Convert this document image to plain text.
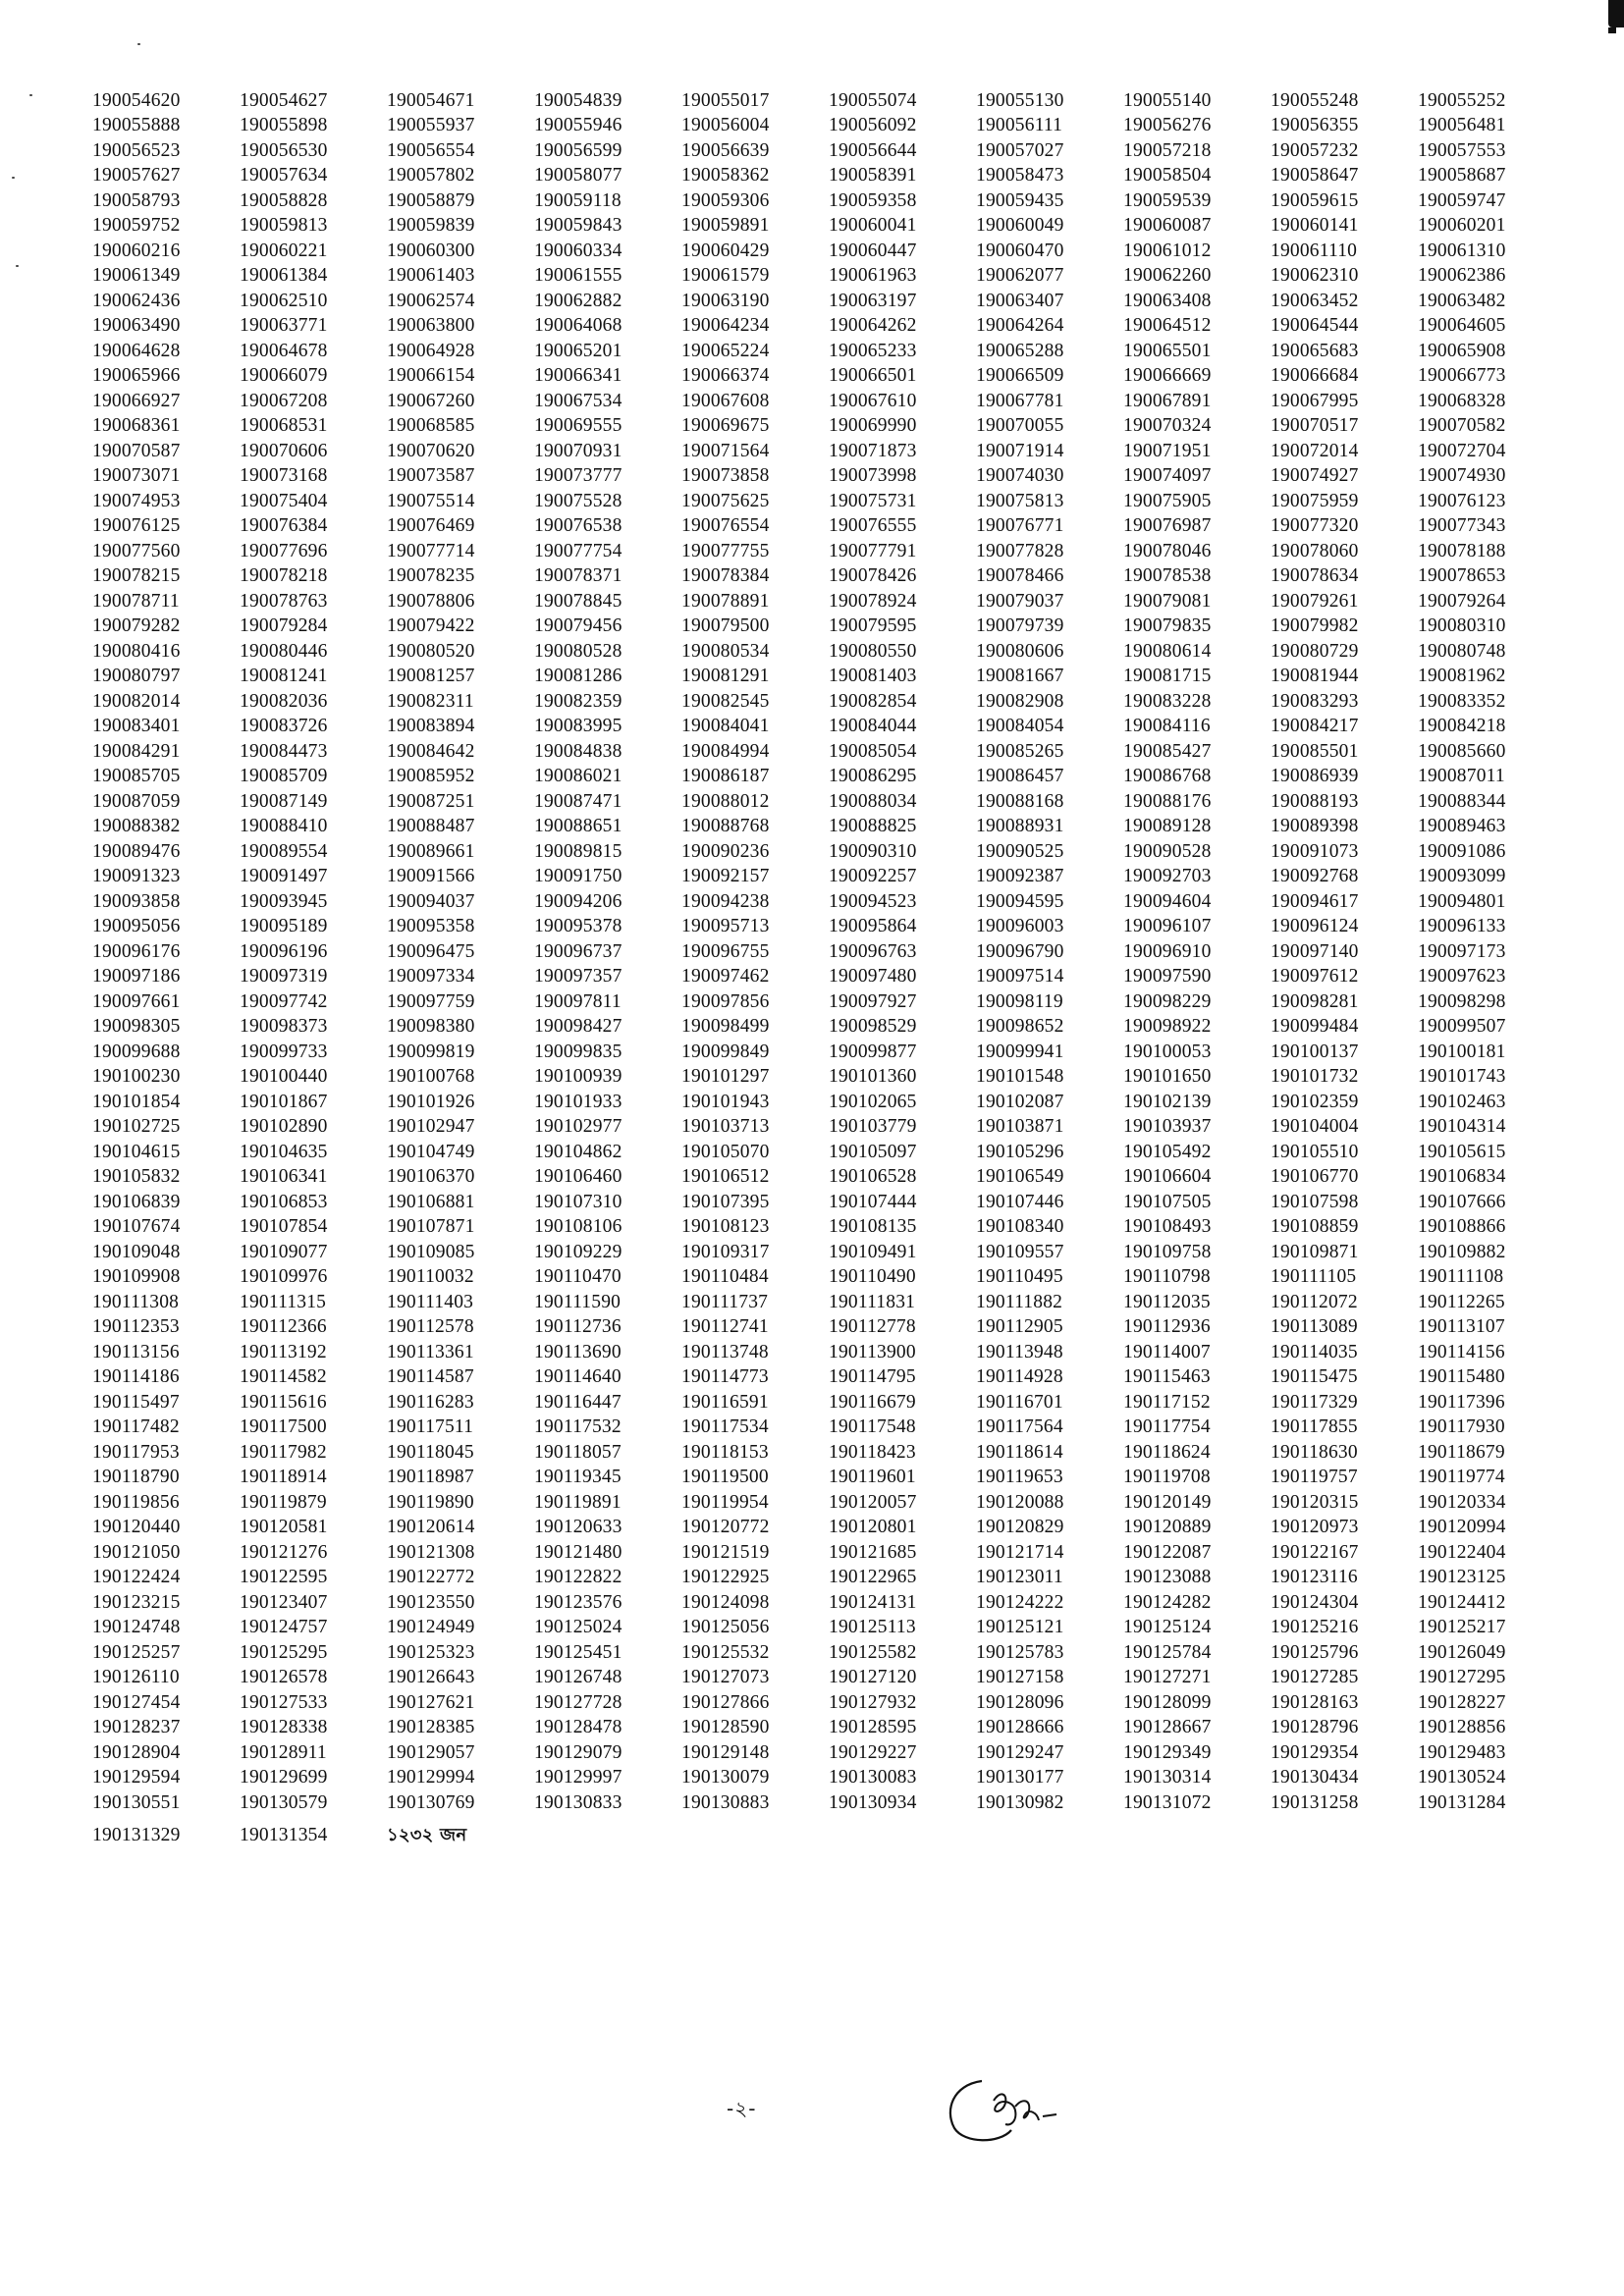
190054620	190054627	190054671	190054839	190055017	190055074	190055130	190055140	190055248	190055252
190055888	190055898	190055937	190055946	190056004	190056092	190056111	190056276	190056355	190056481
190056523	190056530	190056554	190056599	190056639	190056644	190057027	190057218	190057232	190057553
190057627	190057634	190057802	190058077	190058362	190058391	190058473	190058504	190058647	190058687
190058793	190058828	190058879	190059118	190059306	190059358	190059435	190059539	190059615	190059747
190059752	190059813	190059839	190059843	190059891	190060041	190060049	190060087	190060141	190060201
190060216	190060221	190060300	190060334	190060429	190060447	190060470	190061012	190061110	190061310
190061349	190061384	190061403	190061555	190061579	190061963	190062077	190062260	190062310	190062386
190062436	190062510	190062574	190062882	190063190	190063197	190063407	190063408	190063452	190063482
190063490	190063771	190063800	190064068	190064234	190064262	190064264	190064512	190064544	190064605
190064628	190064678	190064928	190065201	190065224	190065233	190065288	190065501	190065683	190065908
190065966	190066079	190066154	190066341	190066374	190066501	190066509	190066669	190066684	190066773
190066927	190067208	190067260	190067534	190067608	190067610	190067781	190067891	190067995	190068328
190068361	190068531	190068585	190069555	190069675	190069990	190070055	190070324	190070517	190070582
190070587	190070606	190070620	190070931	190071564	190071873	190071914	190071951	190072014	190072704
190073071	190073168	190073587	190073777	190073858	190073998	190074030	190074097	190074927	190074930
190074953	190075404	190075514	190075528	190075625	190075731	190075813	190075905	190075959	190076123
190076125	190076384	190076469	190076538	190076554	190076555	190076771	190076987	190077320	190077343
190077560	190077696	190077714	190077754	190077755	190077791	190077828	190078046	190078060	190078188
190078215	190078218	190078235	190078371	190078384	190078426	190078466	190078538	190078634	190078653
190078711	190078763	190078806	190078845	190078891	190078924	190079037	190079081	190079261	190079264
190079282	190079284	190079422	190079456	190079500	190079595	190079739	190079835	190079982	190080310
190080416	190080446	190080520	190080528	190080534	190080550	190080606	190080614	190080729	190080748
190080797	190081241	190081257	190081286	190081291	190081403	190081667	190081715	190081944	190081962
190082014	190082036	190082311	190082359	190082545	190082854	190082908	190083228	190083293	190083352
190083401	190083726	190083894	190083995	190084041	190084044	190084054	190084116	190084217	190084218
190084291	190084473	190084642	190084838	190084994	190085054	190085265	190085427	190085501	190085660
190085705	190085709	190085952	190086021	190086187	190086295	190086457	190086768	190086939	190087011
190087059	190087149	190087251	190087471	190088012	190088034	190088168	190088176	190088193	190088344
190088382	190088410	190088487	190088651	190088768	190088825	190088931	190089128	190089398	190089463
190089476	190089554	190089661	190089815	190090236	190090310	190090525	190090528	190091073	190091086
190091323	190091497	190091566	190091750	190092157	190092257	190092387	190092703	190092768	190093099
190093858	190093945	190094037	190094206	190094238	190094523	190094595	190094604	190094617	190094801
190095056	190095189	190095358	190095378	190095713	190095864	190096003	190096107	190096124	190096133
190096176	190096196	190096475	190096737	190096755	190096763	190096790	190096910	190097140	190097173
190097186	190097319	190097334	190097357	190097462	190097480	190097514	190097590	190097612	190097623
190097661	190097742	190097759	190097811	190097856	190097927	190098119	190098229	190098281	190098298
190098305	190098373	190098380	190098427	190098499	190098529	190098652	190098922	190099484	190099507
190099688	190099733	190099819	190099835	190099849	190099877	190099941	190100053	190100137	190100181
190100230	190100440	190100768	190100939	190101297	190101360	190101548	190101650	190101732	190101743
190101854	190101867	190101926	190101933	190101943	190102065	190102087	190102139	190102359	190102463
190102725	190102890	190102947	190102977	190103713	190103779	190103871	190103937	190104004	190104314
190104615	190104635	190104749	190104862	190105070	190105097	190105296	190105492	190105510	190105615
190105832	190106341	190106370	190106460	190106512	190106528	190106549	190106604	190106770	190106834
190106839	190106853	190106881	190107310	190107395	190107444	190107446	190107505	190107598	190107666
190107674	190107854	190107871	190108106	190108123	190108135	190108340	190108493	190108859	190108866
190109048	190109077	190109085	190109229	190109317	190109491	190109557	190109758	190109871	190109882
190109908	190109976	190110032	190110470	190110484	190110490	190110495	190110798	190111105	190111108
190111308	190111315	190111403	190111590	190111737	190111831	190111882	190112035	190112072	190112265
190112353	190112366	190112578	190112736	190112741	190112778	190112905	190112936	190113089	190113107
190113156	190113192	190113361	190113690	190113748	190113900	190113948	190114007	190114035	190114156
190114186	190114582	190114587	190114640	190114773	190114795	190114928	190115463	190115475	190115480
190115497	190115616	190116283	190116447	190116591	190116679	190116701	190117152	190117329	190117396
190117482	190117500	190117511	190117532	190117534	190117548	190117564	190117754	190117855	190117930
190117953	190117982	190118045	190118057	190118153	190118423	190118614	190118624	190118630	190118679
190118790	190118914	190118987	190119345	190119500	190119601	190119653	190119708	190119757	190119774
190119856	190119879	190119890	190119891	190119954	190120057	190120088	190120149	190120315	190120334
190120440	190120581	190120614	190120633	190120772	190120801	190120829	190120889	190120973	190120994
190121050	190121276	190121308	190121480	190121519	190121685	190121714	190122087	190122167	190122404
190122424	190122595	190122772	190122822	190122925	190122965	190123011	190123088	190123116	190123125
190123215	190123407	190123550	190123576	190124098	190124131	190124222	190124282	190124304	190124412
190124748	190124757	190124949	190125024	190125056	190125113	190125121	190125124	190125216	190125217
190125257	190125295	190125323	190125451	190125532	190125582	190125783	190125784	190125796	190126049
190126110	190126578	190126643	190126748	190127073	190127120	190127158	190127271	190127285	190127295
190127454	190127533	190127621	190127728	190127866	190127932	190128096	190128099	190128163	190128227
190128237	190128338	190128385	190128478	190128590	190128595	190128666	190128667	190128796	190128856
190128904	190128911	190129057	190129079	190129148	190129227	190129247	190129349	190129354	190129483
190129594	190129699	190129994	190129997	190130079	190130083	190130177	190130314	190130434	190130524
190130551	190130579	190130769	190130833	190130883	190130934	190130982	190131072	190131258	190131284
190131329	190131354	১২৩২ জন
-২-
